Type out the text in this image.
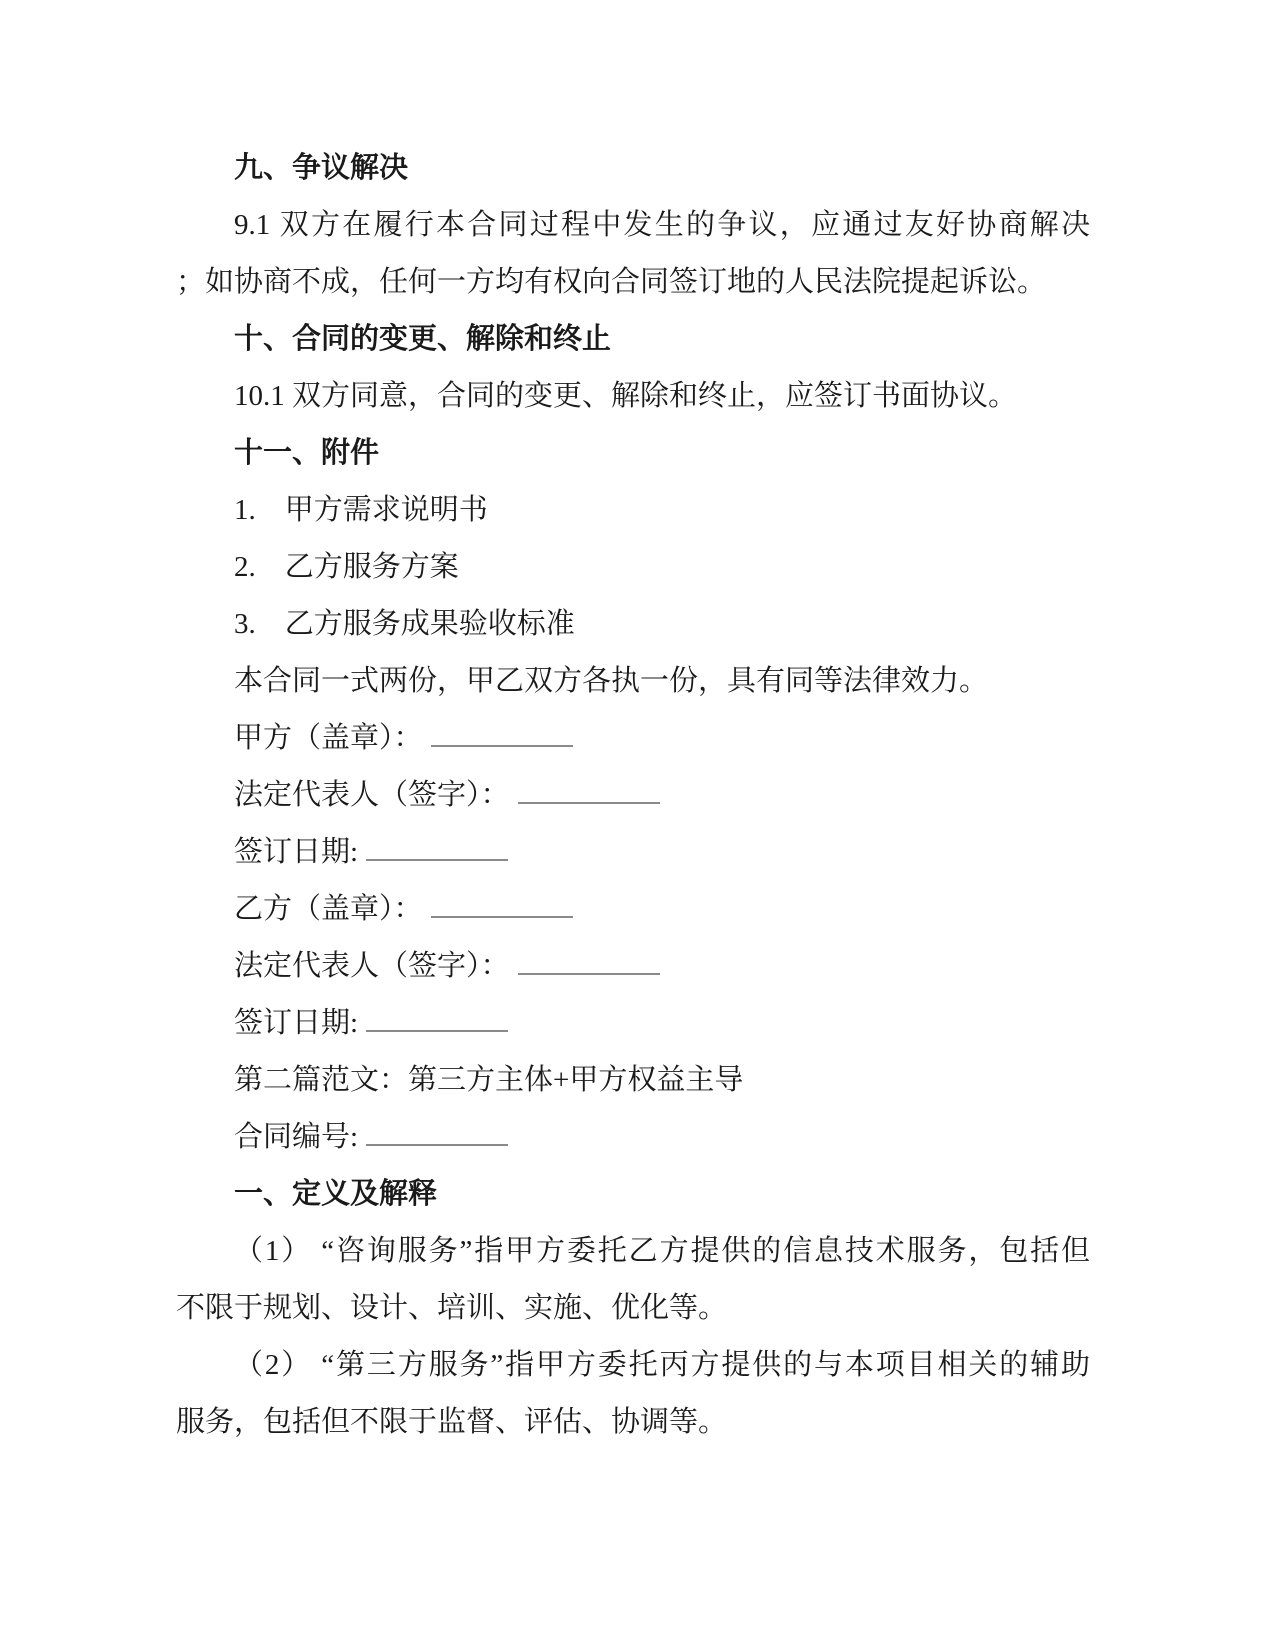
九、争议解决
9.1 双方在履行本合同过程中发生的争议，应通过友好协商解决
；如协商不成，任何一方均有权向合同签订地的人民法院提起诉讼。
十、合同的变更、解除和终止
10.1 双方同意，合同的变更、解除和终止，应签订书面协议。
十一、附件
1.　甲方需求说明书
2.　乙方服务方案
3.　乙方服务成果验收标准
本合同一式两份，甲乙双方各执一份，具有同等法律效力。
甲方（盖章）：
法定代表人（签字）：
签订日期:
乙方（盖章）：
法定代表人（签字）：
签订日期:
第二篇范文：第三方主体+甲方权益主导
合同编号:
一、定义及解释
（1） “咨询服务”指甲方委托乙方提供的信息技术服务，包括但
不限于规划、设计、培训、实施、优化等。
（2） “第三方服务”指甲方委托丙方提供的与本项目相关的辅助
服务，包括但不限于监督、评估、协调等。
